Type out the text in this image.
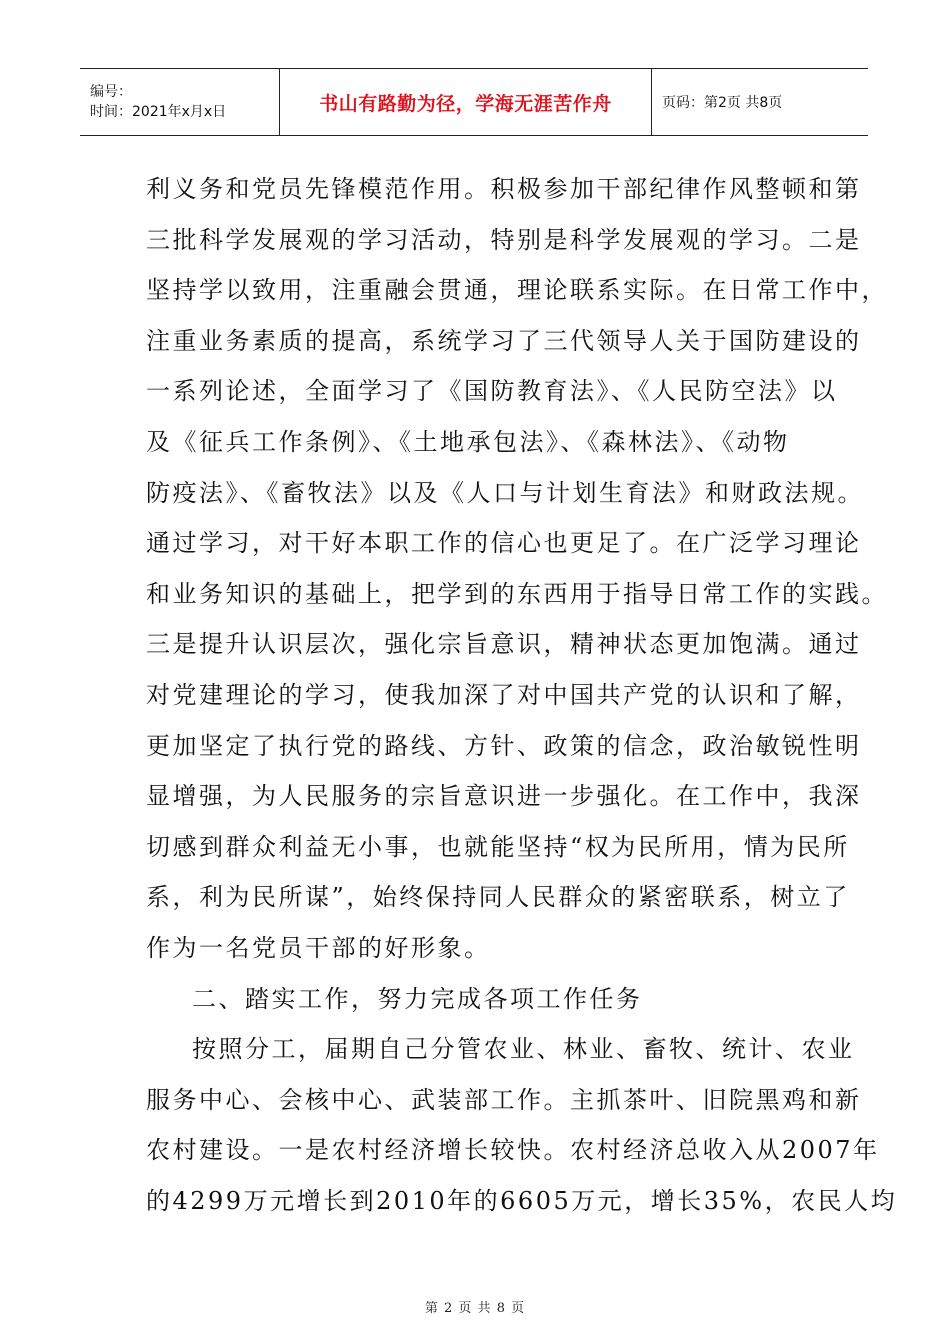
编号：
时间：2021年x月x日	书山有路勤为径，学海无涯苦作舟	页码：第2页 共8页
利义务和党员先锋模范作用。积极参加干部纪律作风整顿和第
三批科学发展观的学习活动，特别是科学发展观的学习。二是
坚持学以致用，注重融会贯通，理论联系实际。在日常工作中，
注重业务素质的提高，系统学习了三代领导人关于国防建设的
一系列论述，全面学习了《国防教育法》、《人民防空法》以
及《征兵工作条例》、《土地承包法》、《森林法》、《动物
防疫法》、《畜牧法》以及《人口与计划生育法》和财政法规。
通过学习，对干好本职工作的信心也更足了。在广泛学习理论
和业务知识的基础上，把学到的东西用于指导日常工作的实践。
三是提升认识层次，强化宗旨意识，精神状态更加饱满。通过
对党建理论的学习，使我加深了对中国共产党的认识和了解，
更加坚定了执行党的路线、方针、政策的信念，政治敏锐性明
显增强，为人民服务的宗旨意识进一步强化。在工作中，我深
切感到群众利益无小事，也就能坚持“权为民所用，情为民所
系，利为民所谋”，始终保持同人民群众的紧密联系，树立了
作为一名党员干部的好形象。
二、踏实工作，努力完成各项工作任务
按照分工，届期自己分管农业、林业、畜牧、统计、农业
服务中心、会核中心、武装部工作。主抓茶叶、旧院黑鸡和新
农村建设。一是农村经济增长较快。农村经济总收入从2007年
的4299万元增长到2010年的6605万元，增长35%，农民人均
第 2 页 共 8 页
